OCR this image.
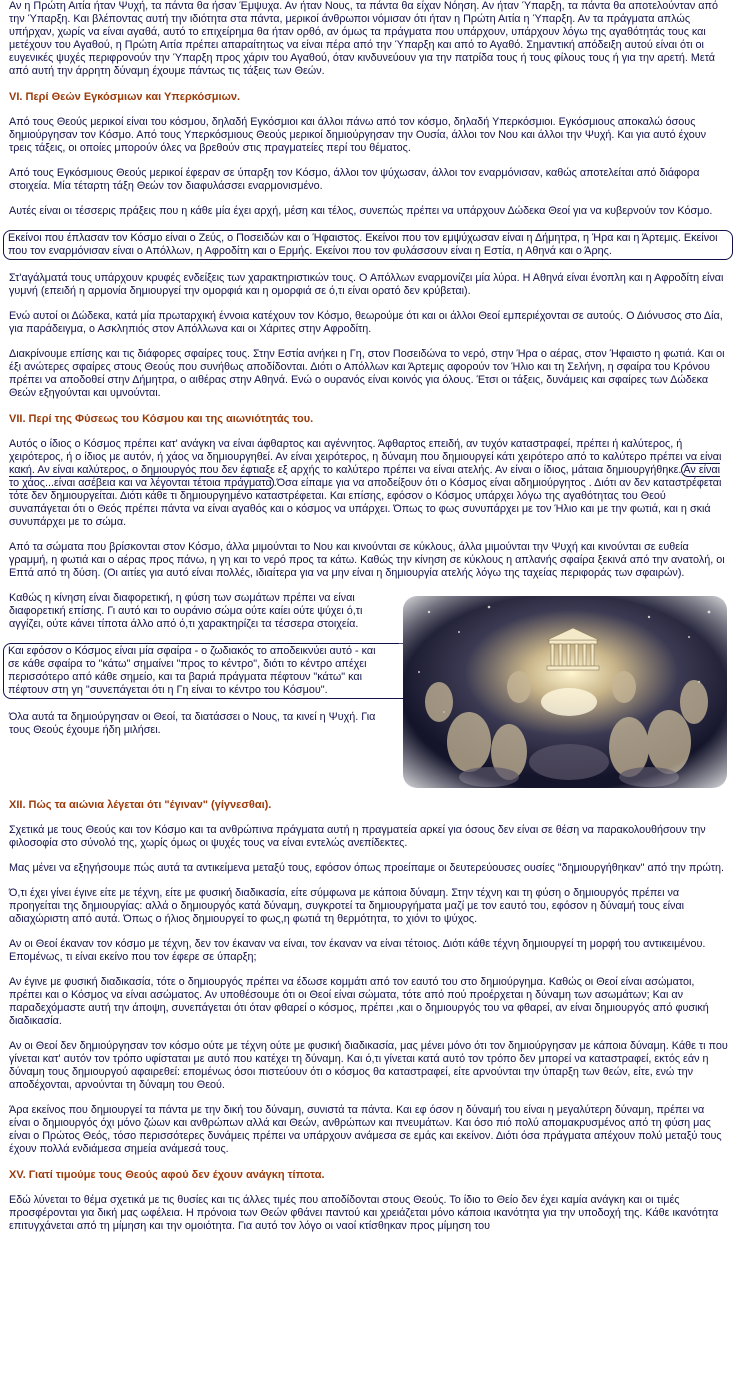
Αν η Πρώτη Αιτία ήταν Ψυχή, τα πάντα θα ήσαν Έμψυχα. Αν ήταν Νους, τα πάντα θα είχαν Νόηση. Αν ήταν Ύπαρξη, τα πάντα θα αποτελούνταν από την Ύπαρξη. Και βλέποντας αυτή την ιδιότητα στα πάντα, μερικοί άνθρωποι νόμισαν ότι ήταν η Πρώτη Αιτία η Ύπαρξη. Αν τα πράγματα απλώς υπήρχαν, χωρίς να είναι αγαθά, αυτό το επιχείρημα θα ήταν ορθό, αν όμως τα πράγματα που υπάρχουν, υπάρχουν λόγω της αγαθότητάς τους και μετέχουν του Αγαθού, η Πρώτη Αιτία πρέπει απαραίτητως να είναι πέρα από την Ύπαρξη και από το Αγαθό. Σημαντική απόδειξη αυτού είναι ότι οι ευγενικές ψυχές περιφρονούν την Ύπαρξη προς χάριν του Αγαθού, όταν κινδυνεύουν για την πατρίδα τους ή τους φίλους τους ή για την αρετή. Μετά από αυτή την άρρητη δύναμη έχουμε πάντως τις τάξεις των Θεών.

VI. Περί Θεών Εγκόσμιων και Υπερκόσμιων.

Από τους Θεούς μερικοί είναι του κόσμου, δηλαδή Εγκόσμιοι και άλλοι πάνω από τον κόσμο, δηλαδή Υπερκόσμιοι. Εγκόσμιους αποκαλώ όσους δημιούργησαν τον Κόσμο. Από τους Υπερκόσμιους Θεούς μερικοί δημιούργησαν την Ουσία, άλλοι τον Νου και άλλοι την Ψυχή. Και για αυτό έχουν τρεις τάξεις, οι οποίες μπορούν όλες να βρεθούν στις πραγματείες περί του θέματος.

Από τους Εγκόσμιους Θεούς μερικοί έφεραν σε ύπαρξη τον Κόσμο, άλλοι τον ψύχωσαν, άλλοι τον εναρμόνισαν, καθώς αποτελείται από διάφορα στοιχεία. Μία τέταρτη τάξη Θεών τον διαφυλάσσει εναρμονισμένο.

Αυτές είναι οι τέσσερις πράξεις που η κάθε μία έχει αρχή, μέση και τέλος, συνεπώς πρέπει να υπάρχουν Δώδεκα Θεοί για να κυβερνούν τον Κόσμο.

Εκείνοι που έπλασαν τον Κόσμο είναι ο Ζεύς, ο Ποσειδών και ο Ήφαιστος. Εκείνοι που τον εμψύχωσαν είναι η Δήμητρα, η Ήρα και η Άρτεμις. Εκείνοι που τον εναρμόνισαν είναι ο Απόλλων, η Αφροδίτη και ο Ερμής. Εκείνοι που τον φυλάσσουν είναι η Εστία, η Αθηνά και ο Άρης.

Στ'αγάλματά τους υπάρχουν κρυφές ενδείξεις των χαρακτηριστικών τους. Ο Απόλλων εναρμονίζει μία λύρα. Η Αθηνά είναι ένοπλη και η Αφροδίτη είναι γυμνή (επειδή η αρμονία δημιουργεί την ομορφιά και η ομορφιά σε ό,τι είναι ορατό δεν κρύβεται).

Ενώ αυτοί οι Δώδεκα, κατά μία πρωταρχική έννοια κατέχουν τον Κόσμο, θεωρούμε ότι και οι άλλοι Θεοί εμπεριέχονται σε αυτούς. Ο Διόνυσος στο Δία, για παράδειγμα, ο Ασκληπιός στον Απόλλωνα και οι Χάριτες στην Αφροδίτη.

Διακρίνουμε επίσης και τις διάφορες σφαίρες τους. Στην Εστία ανήκει η Γη, στον Ποσειδώνα το νερό, στην Ήρα ο αέρας, στον Ήφαιστο η φωτιά. Και οι έξι ανώτερες σφαίρες στους Θεούς που συνήθως αποδίδονται. Διότι ο Απόλλων και Άρτεμις αφορούν τον Ήλιο και τη Σελήνη, η σφαίρα του Κρόνου πρέπει να αποδοθεί στην Δήμητρα, ο αιθέρας στην Αθηνά. Ενώ ο ουρανός είναι κοινός για όλους. Έτσι οι τάξεις, δυνάμεις και σφαίρες των Δώδεκα Θεών εξηγούνται και υμνούνται.

VII. Περί της Φύσεως του Κόσμου και της αιωνιότητάς του.

Αυτός ο ίδιος ο Κόσμος πρέπει κατ' ανάγκη να είναι άφθαρτος και αγέννητος. Άφθαρτος επειδή, αν τυχόν καταστραφεί, πρέπει ή καλύτερος, ή χειρότερος, ή ο ίδιος με αυτόν, ή χάος να δημιουργηθεί. Αν είναι χειρότερος, η δύναμη που δημιουργεί κάτι χειρότερο από το καλύτερο πρέπει να είναι κακή. Αν είναι καλύτερος, ο δημιουργός που δεν έφτιαξε εξ αρχής το καλύτερο πρέπει να είναι ατελής. Αν είναι ο ίδιος, μάταια δημιουργήθηκε. Αν είναι το χάος...είναι ασέβεια και να λέγονται τέτοια πράγματα .Όσα είπαμε για να αποδείξουν ότι ο Κόσμος είναι αδημιούργητος . Διότι αν δεν καταστρέφεται τότε δεν δημιουργείται. Διότι κάθε τι δημιουργημένο καταστρέφεται. Και επίσης, εφόσον ο Κόσμος υπάρχει λόγω της αγαθότητας του Θεού συναπάγεται ότι ο Θεός πρέπει πάντα να είναι αγαθός και ο κόσμος να υπάρχει. Όπως το φως συνυπάρχει με τον Ήλιο και με την φωτιά, και η σκιά συνυπάρχει με το σώμα.

Από τα σώματα που βρίσκονται στον Κόσμο, άλλα μιμούνται το Νου και κινούνται σε κύκλους, άλλα μιμούνται την Ψυχή και κινούνται σε ευθεία γραμμή, η φωτιά και ο αέρας προς πάνω, η γη και το νερό προς τα κάτω. Καθώς την κίνηση σε κύκλους η απλανής σφαίρα ξεκινά από την ανατολή, οι Επτά από τη δύση. (Οι αιτίες για αυτό είναι πολλές, ιδιαίτερα για να μην είναι η δημιουργία ατελής λόγω της ταχείας περιφοράς των σφαιρών).

Καθώς η κίνηση είναι διαφορετική, η φύση των σωμάτων πρέπει να είναι διαφορετική επίσης. Γι αυτό και το ουράνιο σώμα ούτε καίει ούτε ψύχει ό,τι αγγίζει, ούτε κάνει τίποτα άλλο από ό,τι χαρακτηρίζει τα τέσσερα στοιχεία.

Και εφόσον ο Κόσμος είναι μία σφαίρα - ο ζωδιακός το αποδεικνύει αυτό - και σε κάθε σφαίρα το "κάτω" σημαίνει "προς το κέντρο", διότι το κέντρο απέχει περισσότερο από κάθε σημείο, και τα βαριά πράγματα πέφτουν "κάτω" και πέφτουν στη γη "συνεπάγεται ότι η Γη είναι το κέντρο του Κόσμου".

Όλα αυτά τα δημιούργησαν οι Θεοί, τα διατάσσει ο Νους, τα κινεί η Ψυχή. Για τους Θεούς έχουμε ήδη μιλήσει.

XII. Πώς τα αιώνια λέγεται ότι "έγιναν" (γίγνεσθαι).

Σχετικά με τους Θεούς και τον Κόσμο και τα ανθρώπινα πράγματα αυτή η πραγματεία αρκεί για όσους δεν είναι σε θέση να παρακολουθήσουν την φιλοσοφία στο σύνολό της, χωρίς όμως οι ψυχές τους να είναι εντελώς ανεπίδεκτες.

Μας μένει να εξηγήσουμε πώς αυτά τα αντικείμενα μεταξύ τους, εφόσον όπως προείπαμε οι δευτερεύουσες ουσίες "δημιουργήθηκαν" από την πρώτη.

Ό,τι έχει γίνει έγινε είτε με τέχνη, είτε με φυσική διαδικασία, είτε σύμφωνα με κάποια δύναμη. Στην τέχνη και τη φύση ο δημιουργός πρέπει να προηγείται της δημιουργίας: αλλά ο δημιουργός κατά δύναμη, συγκροτεί τα δημιουργήματα μαζί με τον εαυτό του, εφόσον η δύναμή τους είναι αδιαχώριστη από αυτά. Όπως ο ήλιος δημιουργεί το φως,η φωτιά τη θερμότητα, το χιόνι το ψύχος.

Αν οι Θεοί έκαναν τον κόσμο με τέχνη, δεν τον έκαναν να είναι, τον έκαναν να είναι τέτοιος. Διότι κάθε τέχνη δημιουργεί τη μορφή του αντικειμένου. Επομένως, τι είναι εκείνο που τον έφερε σε ύπαρξη;

Αν έγινε με φυσική διαδικασία, τότε ο δημιουργός πρέπει να έδωσε κομμάτι από τον εαυτό του στο δημιούργημα. Καθώς οι Θεοί είναι ασώματοι, πρέπει και ο Κόσμος να είναι ασώματος. Αν υποθέσουμε ότι οι Θεοί είναι σώματα, τότε από πού προέρχεται η δύναμη των ασωμάτων; Και αν παραδεχόμαστε αυτή την άποψη, συνεπάγεται ότι όταν φθαρεί ο κόσμος, πρέπει ,και ο δημιουργός του να φθαρεί, αν είναι δημιουργός από φυσική διαδικασία.

Αν οι Θεοί δεν δημιούργησαν τον κόσμο ούτε με τέχνη ούτε με φυσική διαδικασία, μας μένει μόνο ότι τον δημιούργησαν με κάποια δύναμη. Κάθε τι που γίνεται κατ' αυτόν τον τρόπο υφίσταται με αυτό που κατέχει τη δύναμη. Και ό,τι γίνεται κατά αυτό τον τρόπο δεν μπορεί να καταστραφεί, εκτός εάν η δύναμη τους δημιουργού αφαιρεθεί: επομένως όσοι πιστεύουν ότι ο κόσμος θα καταστραφεί, είτε αρνούνται την ύπαρξη των θεών, είτε, ενώ την αποδέχονται, αρνούνται τη δύναμη του Θεού.

Άρα εκείνος που δημιουργεί τα πάντα με την δική του δύναμη, συνιστά τα πάντα. Και εφ όσον η δύναμή του είναι η μεγαλύτερη δύναμη, πρέπει να είναι ο δημιουργός όχι μόνο ζώων και ανθρώπων αλλά και Θεών, ανθρώπων και πνευμάτων. Και όσο πιό πολύ απομακρυσμένος από τη φύση μας είναι ο Πρώτος Θεός, τόσο περισσότερες δυνάμεις πρέπει να υπάρχουν ανάμεσα σε εμάς και εκείνον. Διότι όσα πράγματα απέχουν πολύ μεταξύ τους έχουν πολλά ενδιάμεσα σημεία ανάμεσά τους.

XV. Γιατί τιμούμε τους Θεούς αφού δεν έχουν ανάγκη τίποτα.

Εδώ λύνεται το θέμα σχετικά με τις θυσίες και τις άλλες τιμές που αποδίδονται στους Θεούς. Το ίδιο το Θείο δεν έχει καμία ανάγκη και οι τιμές προσφέρονται για δική μας ωφέλεια. Η πρόνοια των Θεών φθάνει παντού και χρειάζεται μόνο κάποια ικανότητα για την υποδοχή της. Κάθε ικανότητα επιτυγχάνεται από τη μίμηση και την ομοιότητα. Για αυτό τον λόγο οι ναοί κτίσθηκαν προς μίμηση του
